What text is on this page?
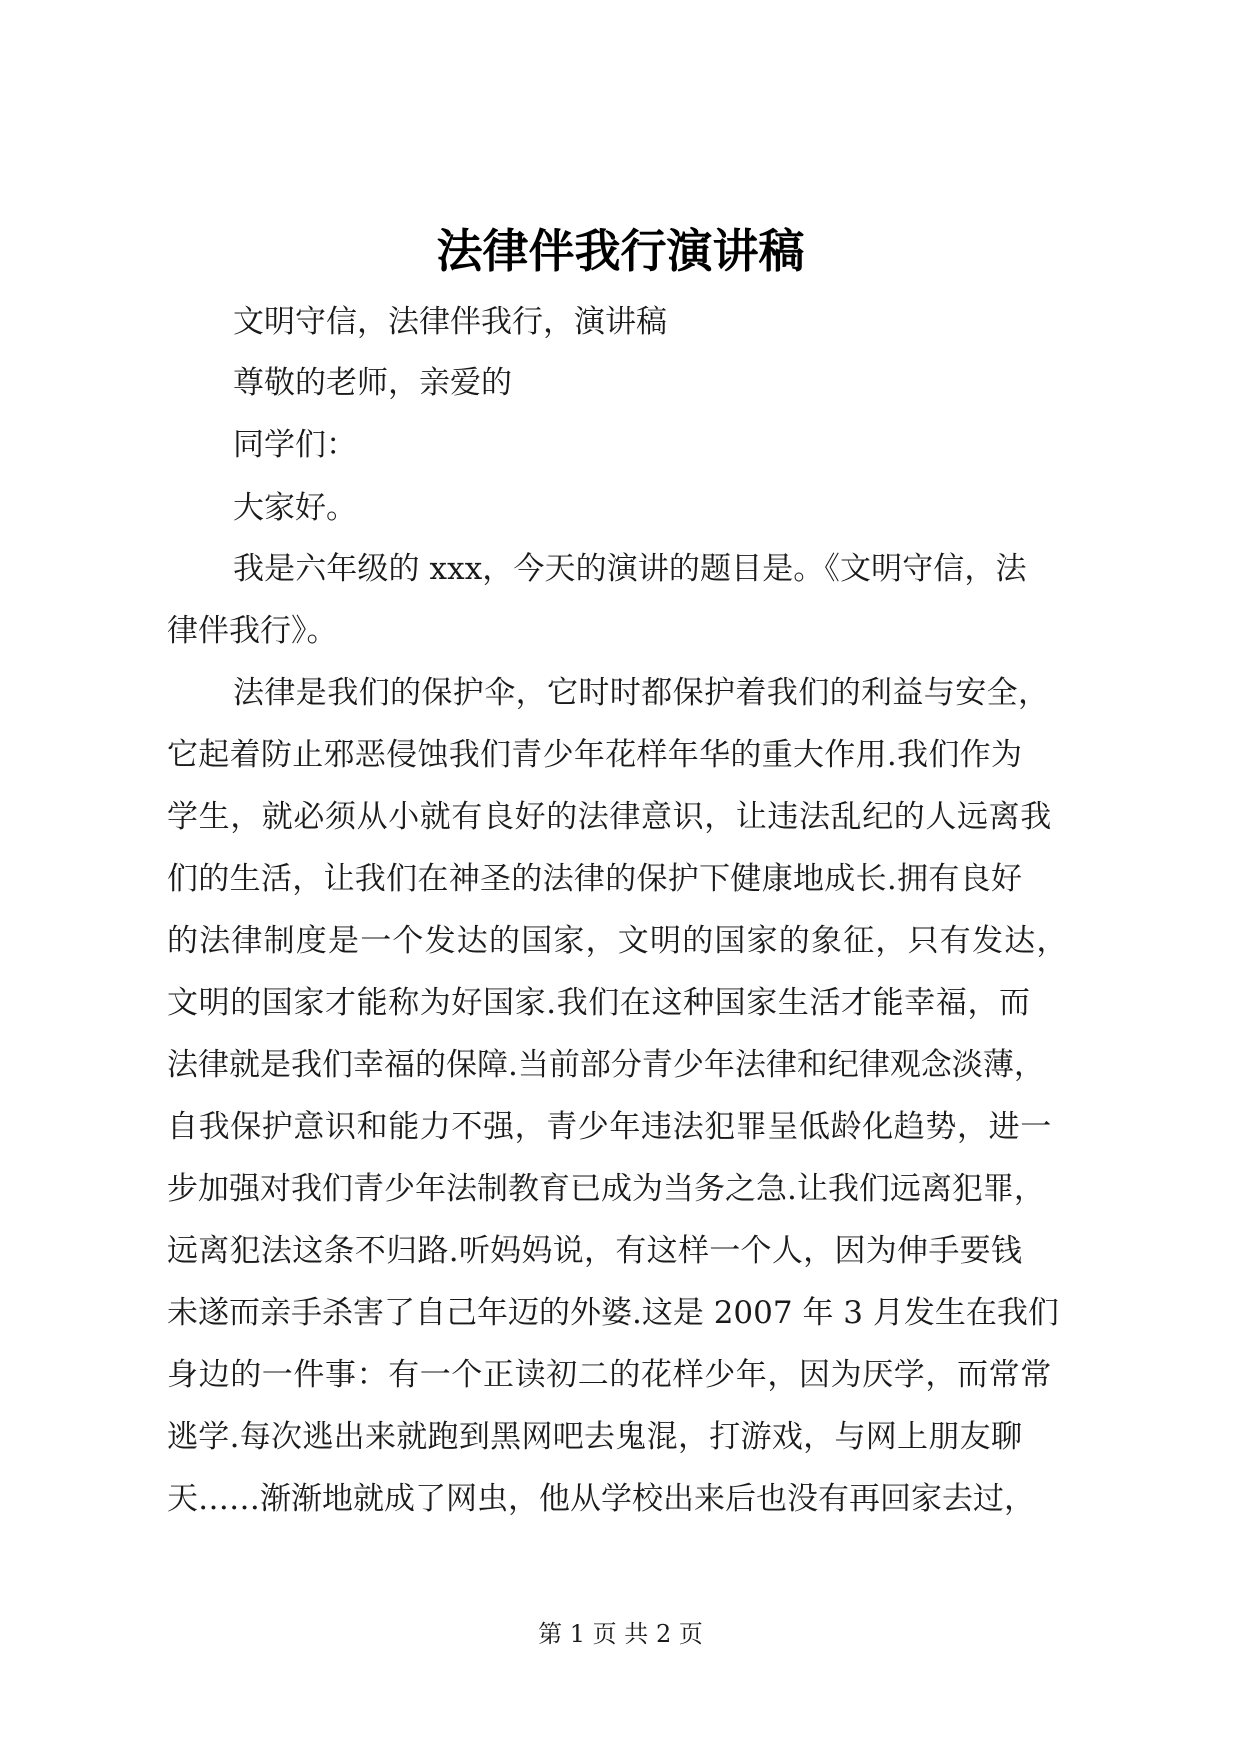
法律伴我行演讲稿

文明守信，法律伴我行，演讲稿

尊敬的老师，亲爱的

同学们：

大家好。

我是六年级的 xxx，今天的演讲的题目是。《文明守信，法

律伴我行》。

法律是我们的保护伞，它时时都保护着我们的利益与安全，

它起着防止邪恶侵蚀我们青少年花样年华的重大作用.我们作为

学生，就必须从小就有良好的法律意识，让违法乱纪的人远离我

们的生活，让我们在神圣的法律的保护下健康地成长.拥有良好

的法律制度是一个发达的国家，文明的国家的象征，只有发达，

文明的国家才能称为好国家.我们在这种国家生活才能幸福，而

法律就是我们幸福的保障.当前部分青少年法律和纪律观念淡薄，

自我保护意识和能力不强，青少年违法犯罪呈低龄化趋势，进一

步加强对我们青少年法制教育已成为当务之急.让我们远离犯罪，

远离犯法这条不归路.听妈妈说，有这样一个人，因为伸手要钱

未遂而亲手杀害了自己年迈的外婆.这是 2007 年 3 月发生在我们

身边的一件事：有一个正读初二的花样少年，因为厌学，而常常

逃学.每次逃出来就跑到黑网吧去鬼混，打游戏，与网上朋友聊

天……渐渐地就成了网虫，他从学校出来后也没有再回家去过，

第 1 页 共 2 页
